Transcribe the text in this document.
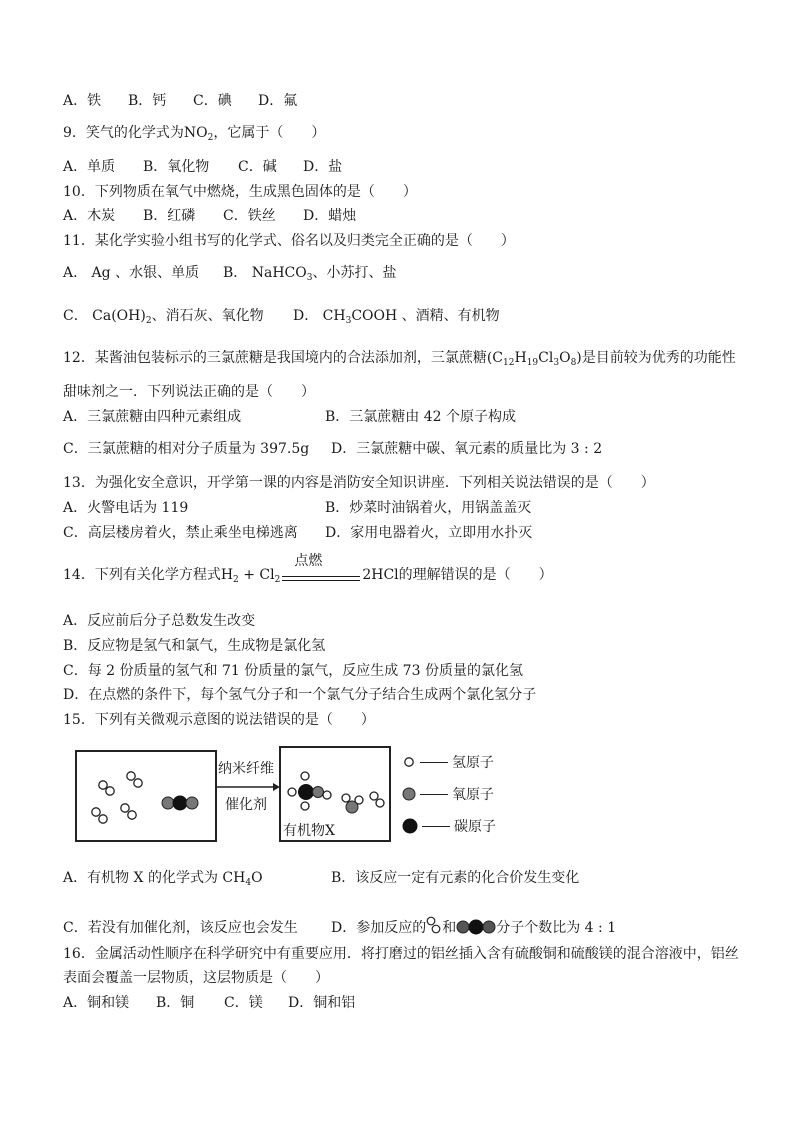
A．铁 B．钙 C．碘 D．氟
9．笑气的化学式为$NO_2$，它属于（　　）
A．单质 B．氧化物 C．碱 D．盐
10．下列物质在氧气中燃烧，生成黑色固体的是（　　）
A．木炭 B．红磷 C．铁丝 D．蜡烛
11．某化学实验小组书写的化学式、俗名以及归类完全正确的是（　　）
A． Ag 、水银、单质 B． NaHCO$_3$、小苏打、盐
C． $Ca(OH)_2$、消石灰、氧化物 D． $CH_3COOH$ 、酒精、有机物
12．某酱油包装标示的三氯蔗糖是我国境内的合法添加剂，三氯蔗糖$(C_{12}H_{19}Cl_3O_8)$是目前较为优秀的功能性
甜味剂之一．下列说法正确的是（　　）
A．三氯蔗糖由四种元素组成	B．三氯蔗糖由 42 个原子构成
C．三氯蔗糖的相对分子质量为 397.5g D．三氯蔗糖中碳、氧元素的质量比为 3 : 2
13．为强化安全意识，开学第一课的内容是消防安全知识讲座．下列相关说法错误的是（　　）
A．火警电话为 119	B．炒菜时油锅着火，用锅盖盖灭
C．高层楼房着火，禁止乘坐电梯逃离 D．家用电器着火，立即用水扑灭
14．下列有关化学方程式$H_2 + Cl_2$
点燃
2HCl的理解错误的是（　　）
A．反应前后分子总数发生改变
B．反应物是氢气和氯气，生成物是氯化氢
C．每 2 份质量的氢气和 71 份质量的氯气，反应生成 73 份质量的氯化氢
D．在点燃的条件下，每个氢气分子和一个氯气分子结合生成两个氯化氢分子
15．下列有关微观示意图的说法错误的是（　　）
纳米纤维
催化剂
有机物X
氢原子
氧原子
碳原子
A．有机物 X 的化学式为 $CH_4O$	B．该反应一定有元素的化合价发生变化
C．若没有加催化剂，该反应也会发生 D．参加反应的 和	分子个数比为 4 : 1
16．金属活动性顺序在科学研究中有重要应用．将打磨过的铝丝插入含有硫酸铜和硫酸镁的混合溶液中，铝丝
表面会覆盖一层物质，这层物质是（　　）
A．铜和镁 B．铜 C．镁 D．铜和铝
